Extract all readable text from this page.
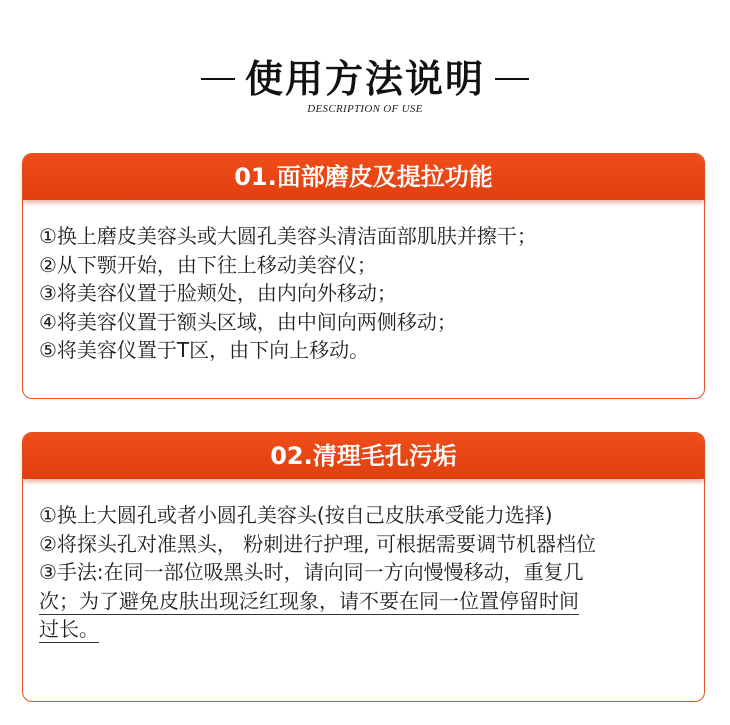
使用方法说明
DESCRIPTION OF USE
01.面部磨皮及提拉功能

①换上磨皮美容头或大圆孔美容头清洁面部肌肤并擦干；

②从下颚开始，由下往上移动美容仪；

③将美容仪置于脸颊处，由内向外移动；

④将美容仪置于额头区域，由中间向两侧移动；

⑤将美容仪置于T区，由下向上移动。

02.清理毛孔污垢

①换上大圆孔或者小圆孔美容头(按自己皮肤承受能力选择)

②将探头孔对准黑头， 粉刺进行护理, 可根据需要调节机器档位

③手法:在同一部位吸黑头时，请向同一方向慢慢移动，重复几

次；为了避免皮肤出现泛红现象，请不要在同一位置停留时间

过长。
